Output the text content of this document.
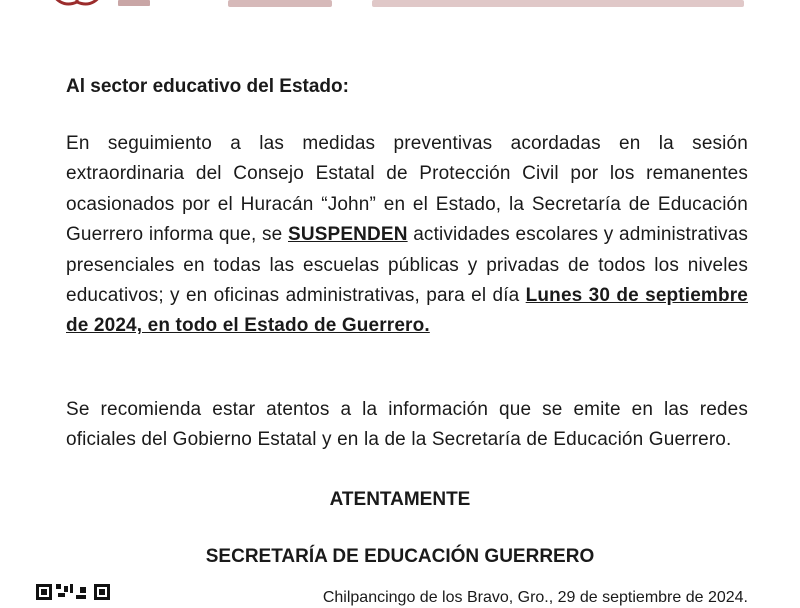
Al sector educativo del Estado:

En seguimiento a las medidas preventivas acordadas en la sesión extraordinaria del Consejo Estatal de Protección Civil por los remanentes ocasionados por el Huracán “John” en el Estado, la Secretaría de Educación Guerrero informa que, se SUSPENDEN actividades escolares y administrativas presenciales en todas las escuelas públicas y privadas de todos los niveles educativos; y en oficinas administrativas, para el día Lunes 30 de septiembre de 2024, en todo el Estado de Guerrero.

Se recomienda estar atentos a la información que se emite en las redes oficiales del Gobierno Estatal y en la de la Secretaría de Educación Guerrero.

ATENTAMENTE

SECRETARÍA DE EDUCACIÓN GUERRERO

Chilpancingo de los Bravo, Gro., 29 de septiembre de 2024.
